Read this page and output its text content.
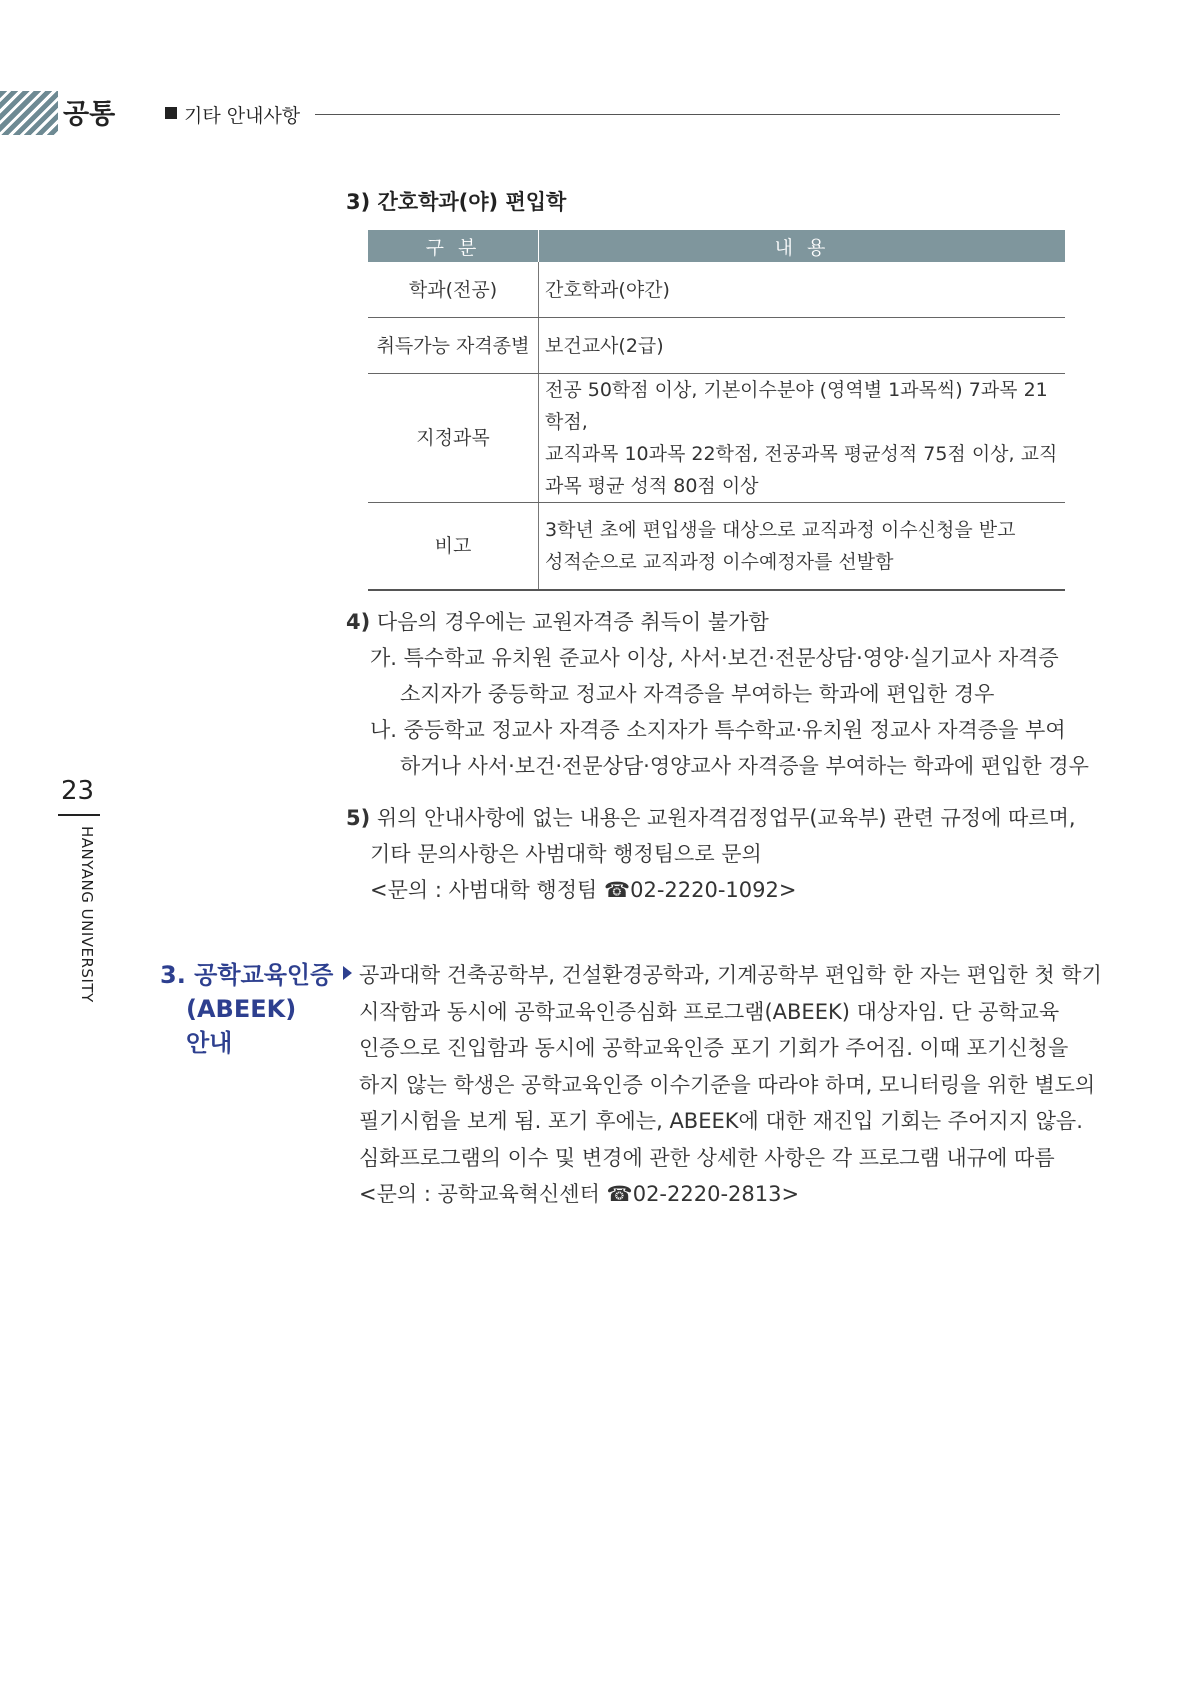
공통	기타 안내사항
23
HANYANG UNIVERSITY
3) 간호학과(야) 편입학
구 분	내 용
학과(전공)	간호학과(야간)
취득가능 자격종별	보건교사(2급)
지정과목	전공 50학점 이상, 기본이수분야 (영역별 1과목씩) 7과목 21학점,
교직과목 10과목 22학점, 전공과목 평균성적 75점 이상, 교직
과목 평균 성적 80점 이상

비고	3학년 초에 편입생을 대상으로 교직과정 이수신청을 받고
성적순으로 교직과정 이수예정자를 선발함

4) 다음의 경우에는 교원자격증 취득이 불가함

가. 특수학교 유치원 준교사 이상, 사서·보건·전문상담·영양·실기교사 자격증

소지자가 중등학교 정교사 자격증을 부여하는 학과에 편입한 경우

나. 중등학교 정교사 자격증 소지자가 특수학교·유치원 정교사 자격증을 부여

하거나 사서·보건·전문상담·영양교사 자격증을 부여하는 학과에 편입한 경우

5) 위의 안내사항에 없는 내용은 교원자격검정업무(교육부) 관련 규정에 따르며,

기타 문의사항은 사범대학 행정팀으로 문의

<문의 : 사범대학 행정팀 ☎02-2220-1092>

3. 공학교육인증
(ABEEK)
안내

공과대학 건축공학부, 건설환경공학과, 기계공학부 편입학 한 자는 편입한 첫 학기

시작함과 동시에 공학교육인증심화 프로그램(ABEEK) 대상자임. 단 공학교육

인증으로 진입함과 동시에 공학교육인증 포기 기회가 주어짐. 이때 포기신청을

하지 않는 학생은 공학교육인증 이수기준을 따라야 하며, 모니터링을 위한 별도의

필기시험을 보게 됨. 포기 후에는, ABEEK에 대한 재진입 기회는 주어지지 않음.

심화프로그램의 이수 및 변경에 관한 상세한 사항은 각 프로그램 내규에 따름

<문의 : 공학교육혁신센터 ☎02-2220-2813>
